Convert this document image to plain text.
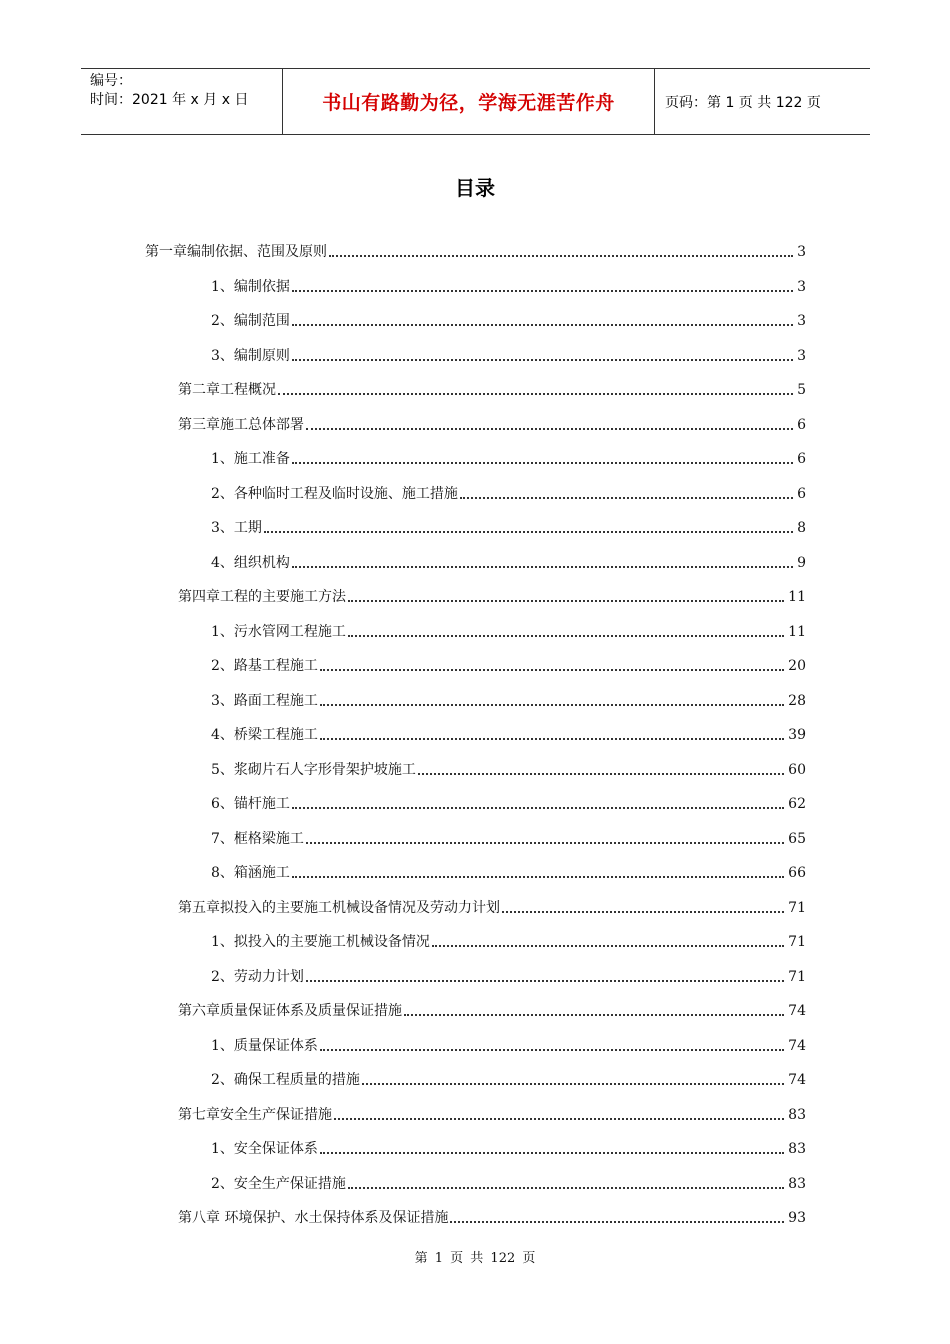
编号：
时间：2021 年 x 月 x 日	书山有路勤为径，学海无涯苦作舟	页码：第 1 页 共 122 页
目录
第一章编制依据、范围及原则	3
1、编制依据	3
2、编制范围	3
3、编制原则	3
第二章工程概况	5
第三章施工总体部署	6
1、施工准备	6
2、各种临时工程及临时设施、施工措施	6
3、工期	8
4、组织机构	9
第四章工程的主要施工方法	11
1、污水管网工程施工	11
2、路基工程施工	20
3、路面工程施工	28
4、桥梁工程施工	39
5、浆砌片石人字形骨架护坡施工	60
6、锚杆施工	62
7、框格梁施工	65
8、箱涵施工	66
第五章拟投入的主要施工机械设备情况及劳动力计划	71
1、拟投入的主要施工机械设备情况	71
2、劳动力计划	71
第六章质量保证体系及质量保证措施	74
1、质量保证体系	74
2、确保工程质量的措施	74
第七章安全生产保证措施	83
1、安全保证体系	83
2、安全生产保证措施	83
第八章 环境保护、水土保持体系及保证措施	93
第 1 页 共 122 页
